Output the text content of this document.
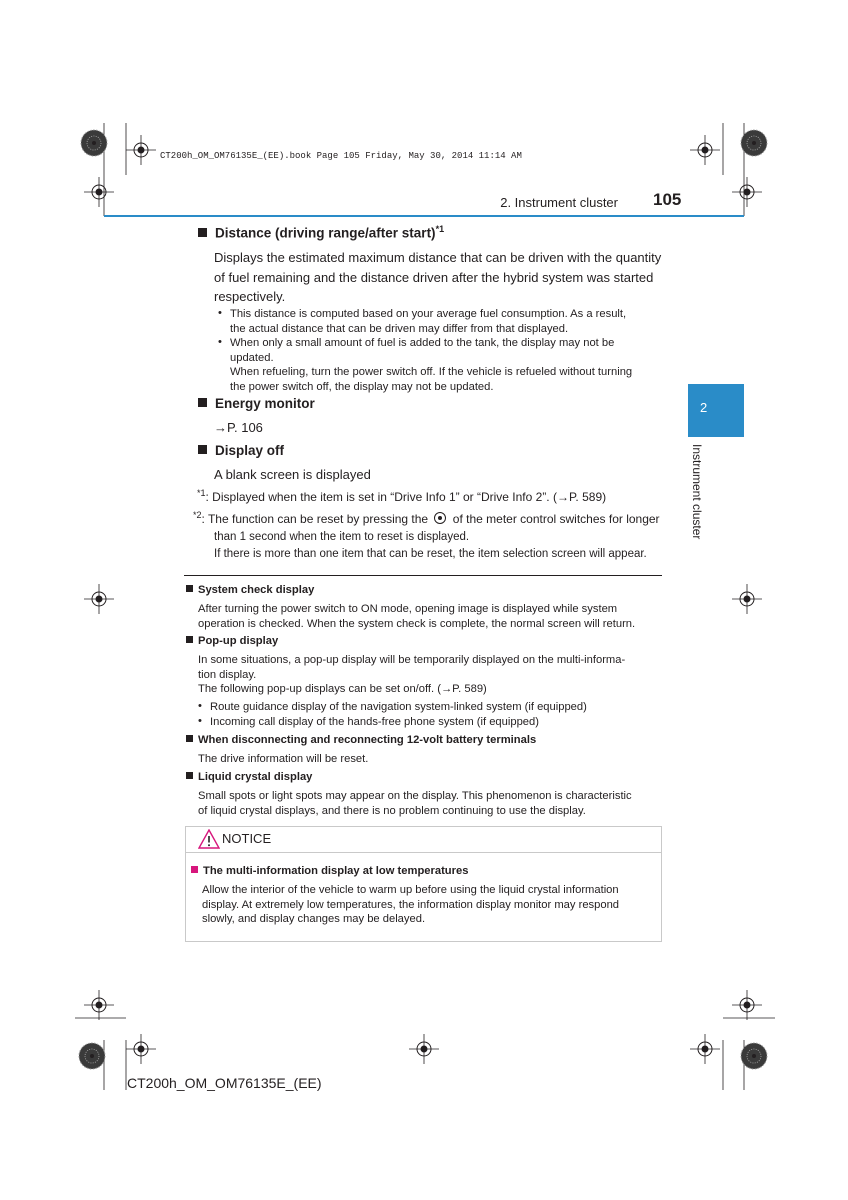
CT200h_OM_OM76135E_(EE).book Page 105 Friday, May 30, 2014 11:14 AM
2. Instrument cluster 105
2
Instrument cluster
Distance (driving range/after start)$^{*1}$
Displays the estimated maximum distance that can be driven with the quantity
of fuel remaining and the distance driven after the hybrid system was started
respectively.
• This distance is computed based on your average fuel consumption. As a result,
the actual distance that can be driven may differ from that displayed.
• When only a small amount of fuel is added to the tank, the display may not be
updated.
When refueling, turn the power switch off. If the vehicle is refueled without turning
the power switch off, the display may not be updated.
Energy monitor
→P. 106
Display off
A blank screen is displayed
$^{*1}$: Displayed when the item is set in “Drive Info 1” or “Drive Info 2”. (→P. 589)
$^{*2}$: The function can be reset by pressing the of the meter control switches for longer
than 1 second when the item to reset is displayed.
If there is more than one item that can be reset, the item selection screen will appear.
System check display
After turning the power switch to ON mode, opening image is displayed while system
operation is checked. When the system check is complete, the normal screen will return.
Pop-up display
In some situations, a pop-up display will be temporarily displayed on the multi-informa-
tion display.
The following pop-up displays can be set on/off. (→P. 589)
• Route guidance display of the navigation system-linked system (if equipped)
• Incoming call display of the hands-free phone system (if equipped)
When disconnecting and reconnecting 12-volt battery terminals
The drive information will be reset.
Liquid crystal display
Small spots or light spots may appear on the display. This phenomenon is characteristic
of liquid crystal displays, and there is no problem continuing to use the display.
NOTICE
The multi-information display at low temperatures
Allow the interior of the vehicle to warm up before using the liquid crystal information
display. At extremely low temperatures, the information display monitor may respond
slowly, and display changes may be delayed.
CT200h_OM_OM76135E_(EE)
